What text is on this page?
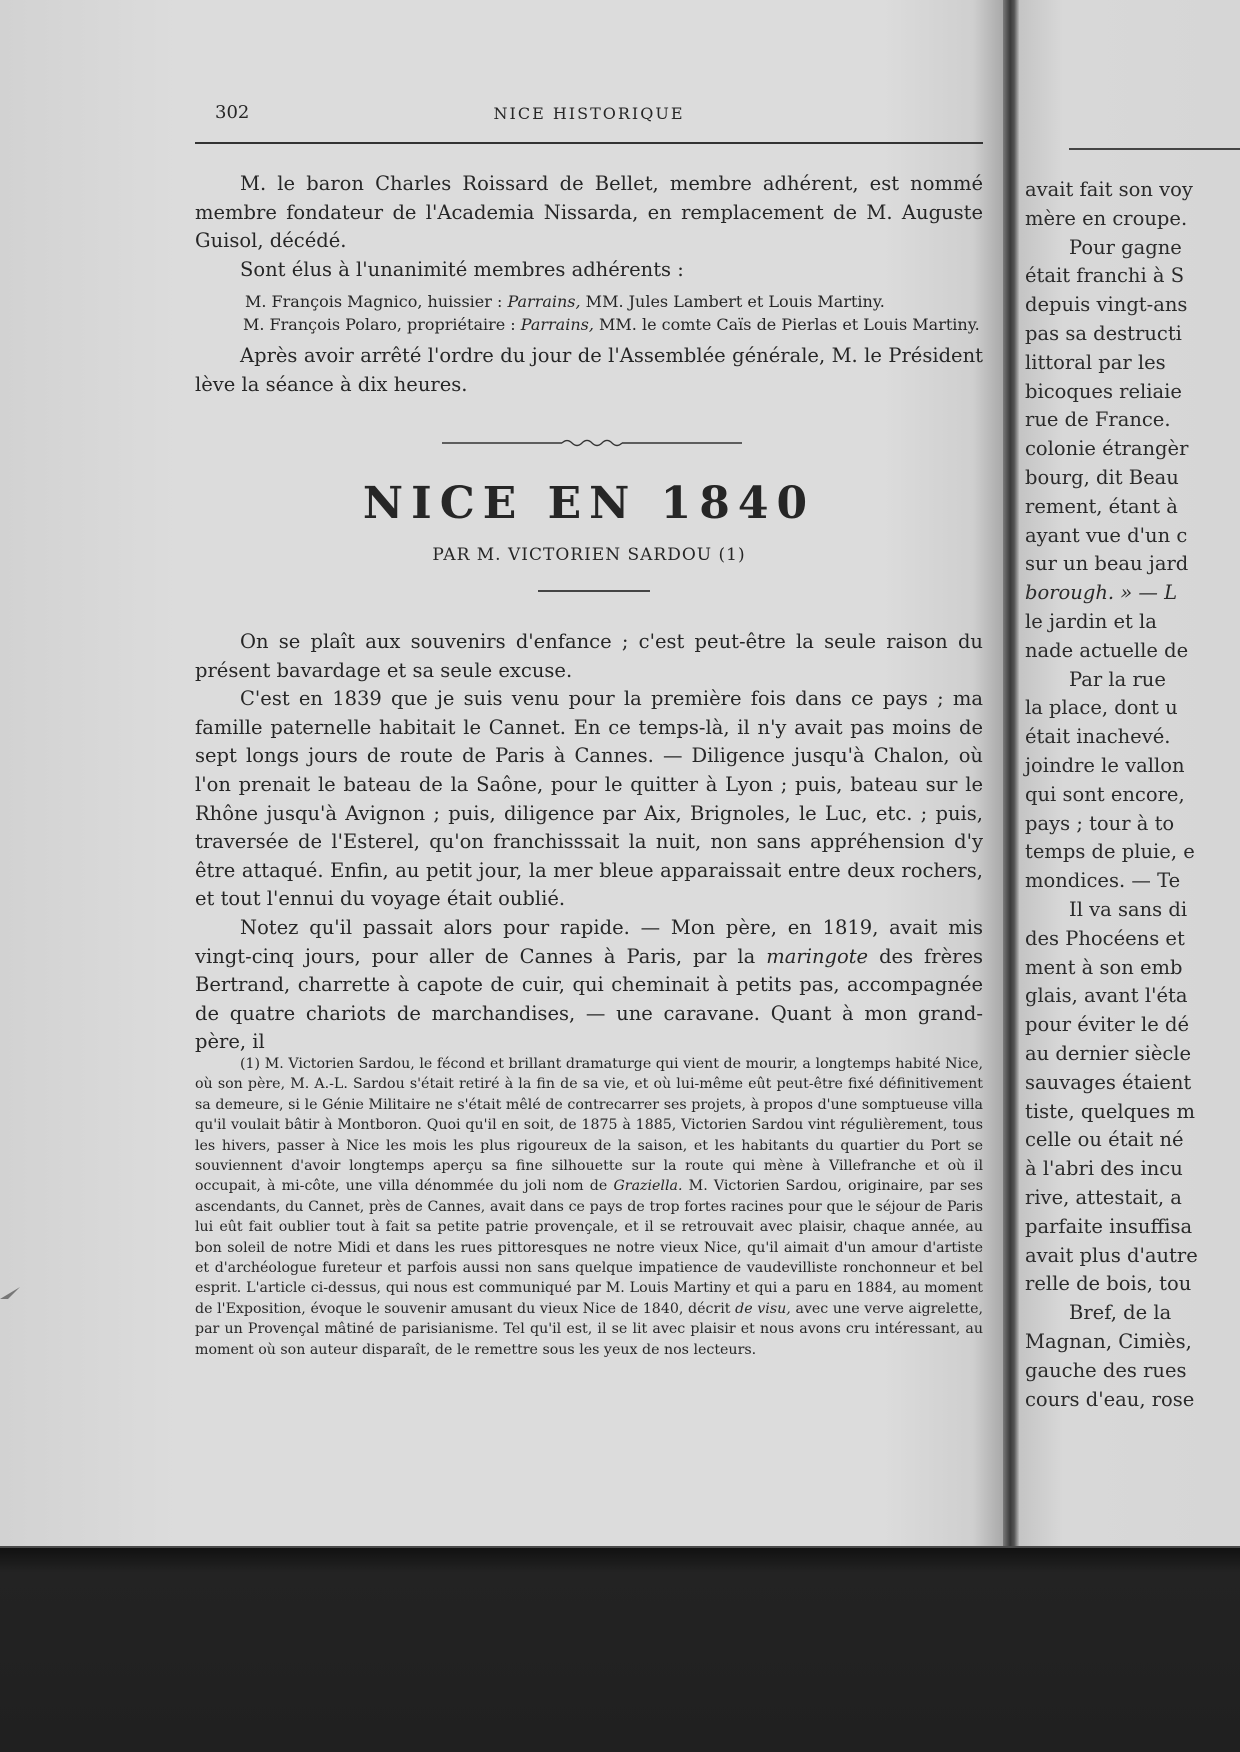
302	NICE HISTORIQUE

M. le baron Charles Roissard de Bellet, membre adhérent, est nommé membre fondateur de l'Academia Nissarda, en remplacement de M. Auguste Guisol, décédé.

Sont élus à l'unanimité membres adhérents :

M. François Magnico, huissier : Parrains, MM. Jules Lambert et Louis Martiny.

M. François Polaro, propriétaire : Parrains, MM. le comte Caïs de Pierlas et Louis Martiny.

Après avoir arrêté l'ordre du jour de l'Assemblée générale, M. le Président lève la séance à dix heures.

NICE EN 1840

PAR M. VICTORIEN SARDOU (1)

On se plaît aux souvenirs d'enfance ; c'est peut-être la seule raison du présent bavardage et sa seule excuse.

C'est en 1839 que je suis venu pour la première fois dans ce pays ; ma famille paternelle habitait le Cannet. En ce temps-là, il n'y avait pas moins de sept longs jours de route de Paris à Cannes. — Diligence jusqu'à Chalon, où l'on prenait le bateau de la Saône, pour le quitter à Lyon ; puis, bateau sur le Rhône jusqu'à Avignon ; puis, diligence par Aix, Brignoles, le Luc, etc. ; puis, traversée de l'Esterel, qu'on franchisssait la nuit, non sans appréhension d'y être attaqué. Enfin, au petit jour, la mer bleue apparaissait entre deux rochers, et tout l'ennui du voyage était oublié.

Notez qu'il passait alors pour rapide. — Mon père, en 1819, avait mis vingt-cinq jours, pour aller de Cannes à Paris, par la maringote des frères Bertrand, charrette à capote de cuir, qui cheminait à petits pas, accompagnée de quatre chariots de marchandises, — une caravane. Quant à mon grand-père, il

(1) M. Victorien Sardou, le fécond et brillant dramaturge qui vient de mourir, a longtemps habité Nice, où son père, M. A.-L. Sardou s'était retiré à la fin de sa vie, et où lui-même eût peut-être fixé définitivement sa demeure, si le Génie Militaire ne s'était mêlé de contrecarrer ses projets, à propos d'une somptueuse villa qu'il voulait bâtir à Montboron. Quoi qu'il en soit, de 1875 à 1885, Victorien Sardou vint régulièrement, tous les hivers, passer à Nice les mois les plus rigoureux de la saison, et les habitants du quartier du Port se souviennent d'avoir longtemps aperçu sa fine silhouette sur la route qui mène à Villefranche et où il occupait, à mi-côte, une villa dénommée du joli nom de Graziella. M. Victorien Sardou, originaire, par ses ascendants, du Cannet, près de Cannes, avait dans ce pays de trop fortes racines pour que le séjour de Paris lui eût fait oublier tout à fait sa petite patrie provençale, et il se retrouvait avec plaisir, chaque année, au bon soleil de notre Midi et dans les rues pittoresques ne notre vieux Nice, qu'il aimait d'un amour d'artiste et d'archéologue fureteur et parfois aussi non sans quelque impatience de vaudevilliste ronchonneur et bel esprit. L'article ci-dessus, qui nous est communiqué par M. Louis Martiny et qui a paru en 1884, au moment de l'Exposition, évoque le souvenir amusant du vieux Nice de 1840, décrit de visu, avec une verve aigrelette, par un Provençal mâtiné de parisianisme. Tel qu'il est, il se lit avec plaisir et nous avons cru intéressant, au moment où son auteur disparaît, de le remettre sous les yeux de nos lecteurs.

avait fait son voy
mère en croupe.
Pour gagne
était franchi à S
depuis vingt-ans
pas sa destructi
littoral par les
bicoques reliaie
rue de France.
colonie étrangèr
bourg, dit Beau
rement, étant à
ayant vue d'un c
sur un beau jard
borough. » — L
le jardin et la
nade actuelle de
Par la rue
la place, dont u
était inachevé.
joindre le vallon
qui sont encore,
pays ; tour à to
temps de pluie, e
mondices. — Te
Il va sans di
des Phocéens et
ment à son emb
glais, avant l'éta
pour éviter le dé
au dernier siècle
sauvages étaient
tiste, quelques m
celle ou était né
à l'abri des incu
rive, attestait, a
parfaite insuffisa
avait plus d'autre
relle de bois, tou
Bref, de la
Magnan, Cimiès,
gauche des rues
cours d'eau, rose
